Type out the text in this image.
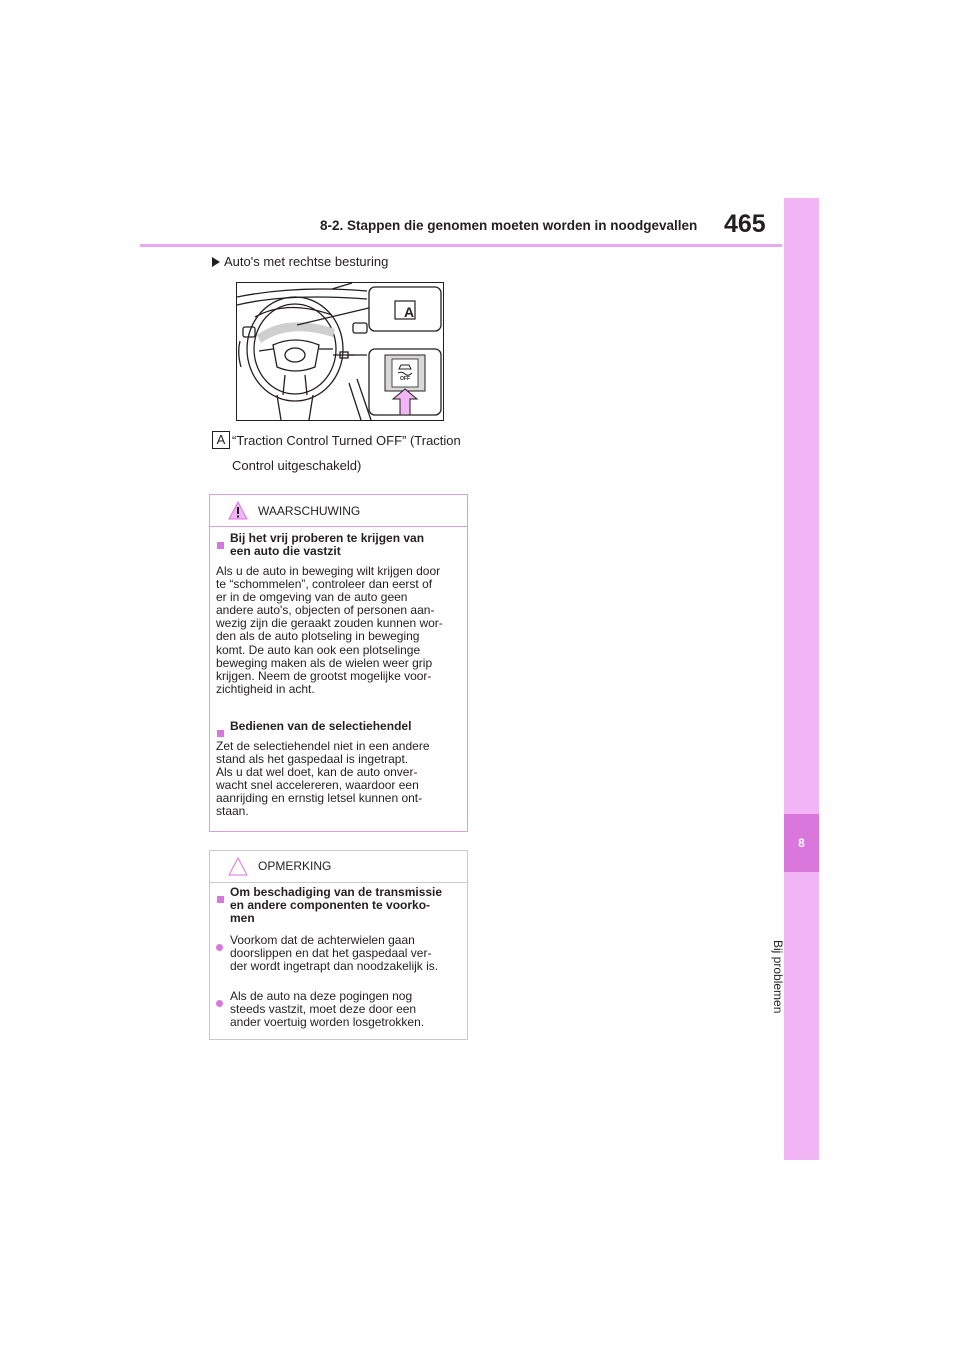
8-2. Stappen die genomen moeten worden in noodgevallen 465
8
Bij problemen
Auto's met rechtse besturing
A
OFF
A “Traction Control Turned OFF” (Traction
Control uitgeschakeld)
WAARSCHUWING
Bij het vrij proberen te krijgen van
een auto die vastzit
Als u de auto in beweging wilt krijgen door
te “schommelen”, controleer dan eerst of
er in de omgeving van de auto geen
andere auto's, objecten of personen aan-
wezig zijn die geraakt zouden kunnen wor-
den als de auto plotseling in beweging
komt. De auto kan ook een plotselinge
beweging maken als de wielen weer grip
krijgen. Neem de grootst mogelijke voor-
zichtigheid in acht.
Bedienen van de selectiehendel
Zet de selectiehendel niet in een andere
stand als het gaspedaal is ingetrapt.
Als u dat wel doet, kan de auto onver-
wacht snel accelereren, waardoor een
aanrijding en ernstig letsel kunnen ont-
staan.
OPMERKING
Om beschadiging van de transmissie
en andere componenten te voorko-
men
Voorkom dat de achterwielen gaan
doorslippen en dat het gaspedaal ver-
der wordt ingetrapt dan noodzakelijk is.
Als de auto na deze pogingen nog
steeds vastzit, moet deze door een
ander voertuig worden losgetrokken.
